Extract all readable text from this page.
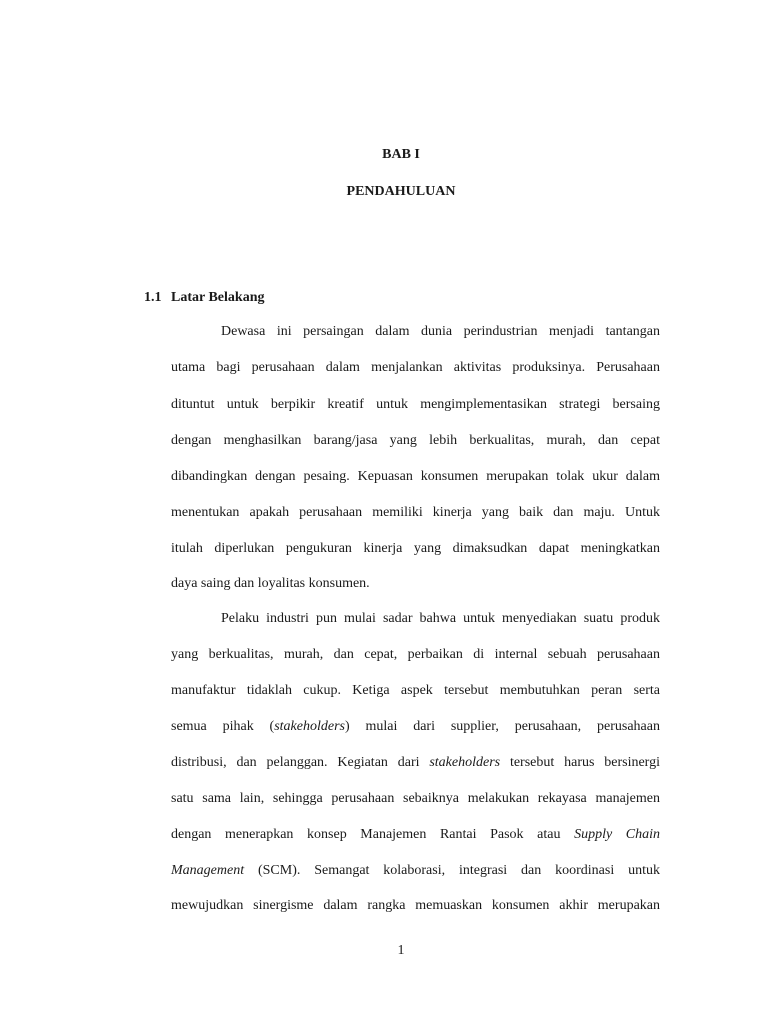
BAB I

PENDAHULUAN

1.1 Latar Belakang

Dewasa ini persaingan dalam dunia perindustrian menjadi tantangan
utama bagi perusahaan dalam menjalankan aktivitas produksinya. Perusahaan
dituntut untuk berpikir kreatif untuk mengimplementasikan strategi bersaing
dengan menghasilkan barang/jasa yang lebih berkualitas, murah, dan cepat
dibandingkan dengan pesaing. Kepuasan konsumen merupakan tolak ukur dalam
menentukan apakah perusahaan memiliki kinerja yang baik dan maju. Untuk
itulah diperlukan pengukuran kinerja yang dimaksudkan dapat meningkatkan
daya saing dan loyalitas konsumen.
Pelaku industri pun mulai sadar bahwa untuk menyediakan suatu produk
yang berkualitas, murah, dan cepat, perbaikan di internal sebuah perusahaan
manufaktur tidaklah cukup. Ketiga aspek tersebut membutuhkan peran serta
semua pihak (stakeholders) mulai dari supplier, perusahaan, perusahaan
distribusi, dan pelanggan. Kegiatan dari stakeholders tersebut harus bersinergi
satu sama lain, sehingga perusahaan sebaiknya melakukan rekayasa manajemen
dengan menerapkan konsep Manajemen Rantai Pasok atau Supply Chain
Management (SCM). Semangat kolaborasi, integrasi dan koordinasi untuk
mewujudkan sinergisme dalam rangka memuaskan konsumen akhir merupakan
1
